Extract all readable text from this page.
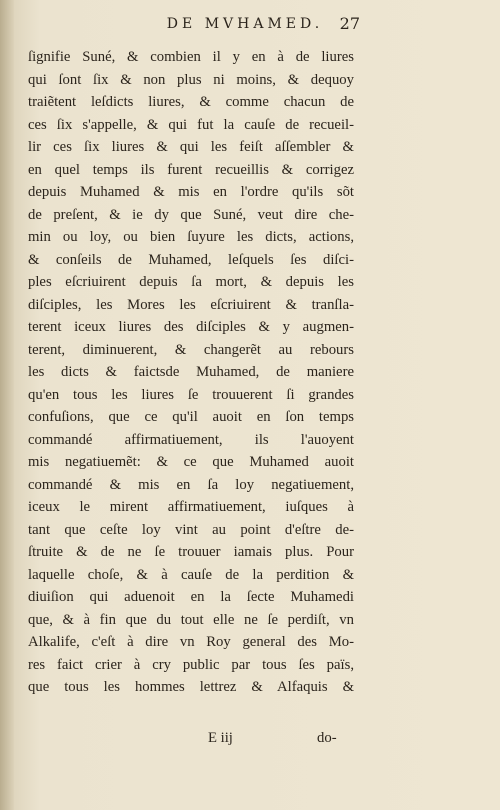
DE MVHAMED.	27
ſignifie Suné, & combien il y en à de liures
qui ſont ſix & non plus ni moins, & dequoy
traiẽtent leſdicts liures, & comme chacun de
ces ſix s'appelle, & qui fut la cauſe de recueil-
lir ces ſix liures & qui les feiſt aſſembler &
en quel temps ils furent recueillis & corrigez
depuis Muhamed & mis en l'ordre qu'ils sõt
de preſent, & ie dy que Suné, veut dire che-
min ou loy, ou bien ſuyure les dicts, actions,
& conſeils de Muhamed, leſquels ſes diſci-
ples eſcriuirent depuis ſa mort, & depuis les
diſciples, les Mores les eſcriuirent & tranſla-
terent iceux liures des diſciples & y augmen-
terent, diminuerent, & changerẽt au rebours
les dicts & faictsde Muhamed, de maniere
qu'en tous les liures ſe trouuerent ſi grandes
confuſions, que ce qu'il auoit en ſon temps
commandé affirmatiuement, ils l'auoyent
mis negatiuemẽt: & ce que Muhamed auoit
commandé & mis en ſa loy negatiuement,
iceux le mirent affirmatiuement, iuſques à
tant que ceſte loy vint au point d'eſtre de-
ſtruite & de ne ſe trouuer iamais plus. Pour
laquelle choſe, & à cauſe de la perdition &
diuiſion qui aduenoit en la ſecte Muhamedi
que, & à fin que du tout elle ne ſe perdiſt, vn
Alkalife, c'eſt à dire vn Roy general des Mo-
res faict crier à cry public par tous ſes païs,
que tous les hommes lettrez & Alfaquis &
E iij	do-
